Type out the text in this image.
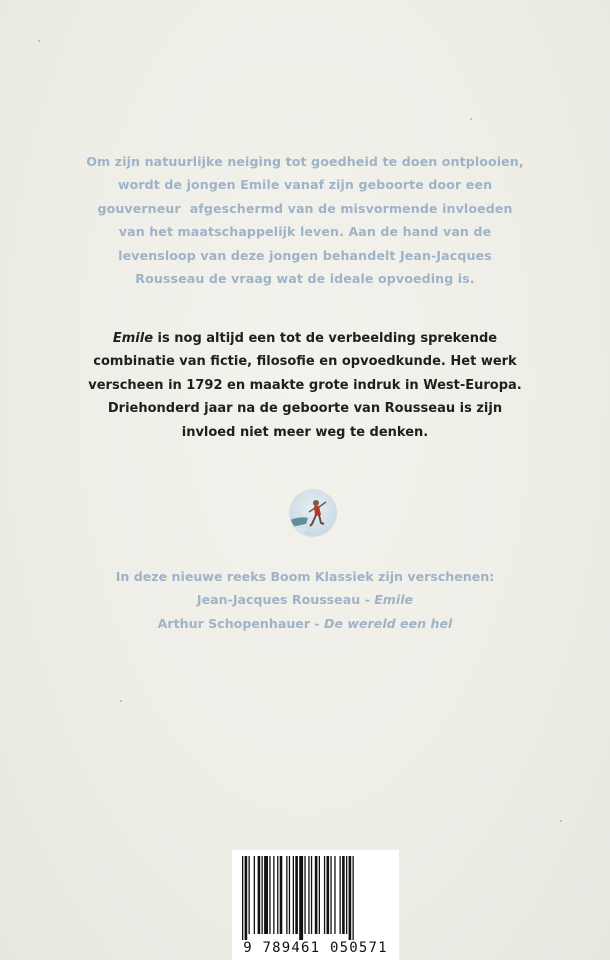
Om zijn natuurlijke neiging tot goedheid te doen ontplooien,

wordt de jongen Emile vanaf zijn geboorte door een

gouverneur  afgeschermd van de misvormende invloeden

van het maatschappelijk leven. Aan de hand van de

levensloop van deze jongen behandelt Jean-Jacques

Rousseau de vraag wat de ideale opvoeding is.

Emile is nog altijd een tot de verbeelding sprekende

combinatie van fictie, filosofie en opvoedkunde. Het werk

verscheen in 1792 en maakte grote indruk in West-Europa.

Driehonderd jaar na de geboorte van Rousseau is zijn

invloed niet meer weg te denken.

In deze nieuwe reeks Boom Klassiek zijn verschenen:

Jean-Jacques Rousseau - Emile

Arthur Schopenhauer - De wereld een hel

9 789461 050571
